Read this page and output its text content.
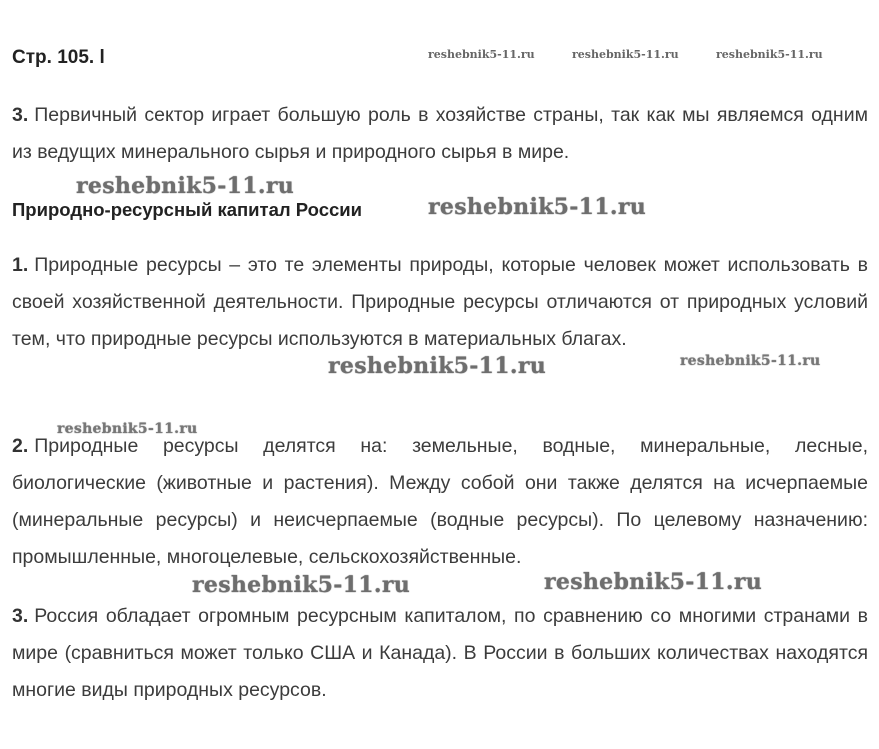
Стр. 105. l	reshebnik5-11.ru	reshebnik5-11.ru	reshebnik5-11.ru
3. Первичный сектор играет большую роль в хозяйстве страны, так как мы являемся одним из ведущих минерального сырья и природного сырья в мире.
reshebnik5-11.ru
Природно-ресурсный капитал России	reshebnik5-11.ru
1. Природные ресурсы – это те элементы природы, которые человек может использовать в своей хозяйственной деятельности. Природные ресурсы отличаются от природных условий тем, что природные ресурсы используются в материальных благах.
reshebnik5-11.ru	reshebnik5-11.ru
reshebnik5-11.ru
2. Природные ресурсы делятся на: земельные, водные, минеральные, лесные, биологические (животные и растения). Между собой они также делятся на исчерпаемые (минеральные ресурсы) и неисчерпаемые (водные ресурсы). По целевому назначению: промышленные, многоцелевые, сельскохозяйственные.
reshebnik5-11.ru	reshebnik5-11.ru
3. Россия обладает огромным ресурсным капиталом, по сравнению со многими странами в мире (сравниться может только США и Канада). В России в больших количествах находятся многие виды природных ресурсов.
